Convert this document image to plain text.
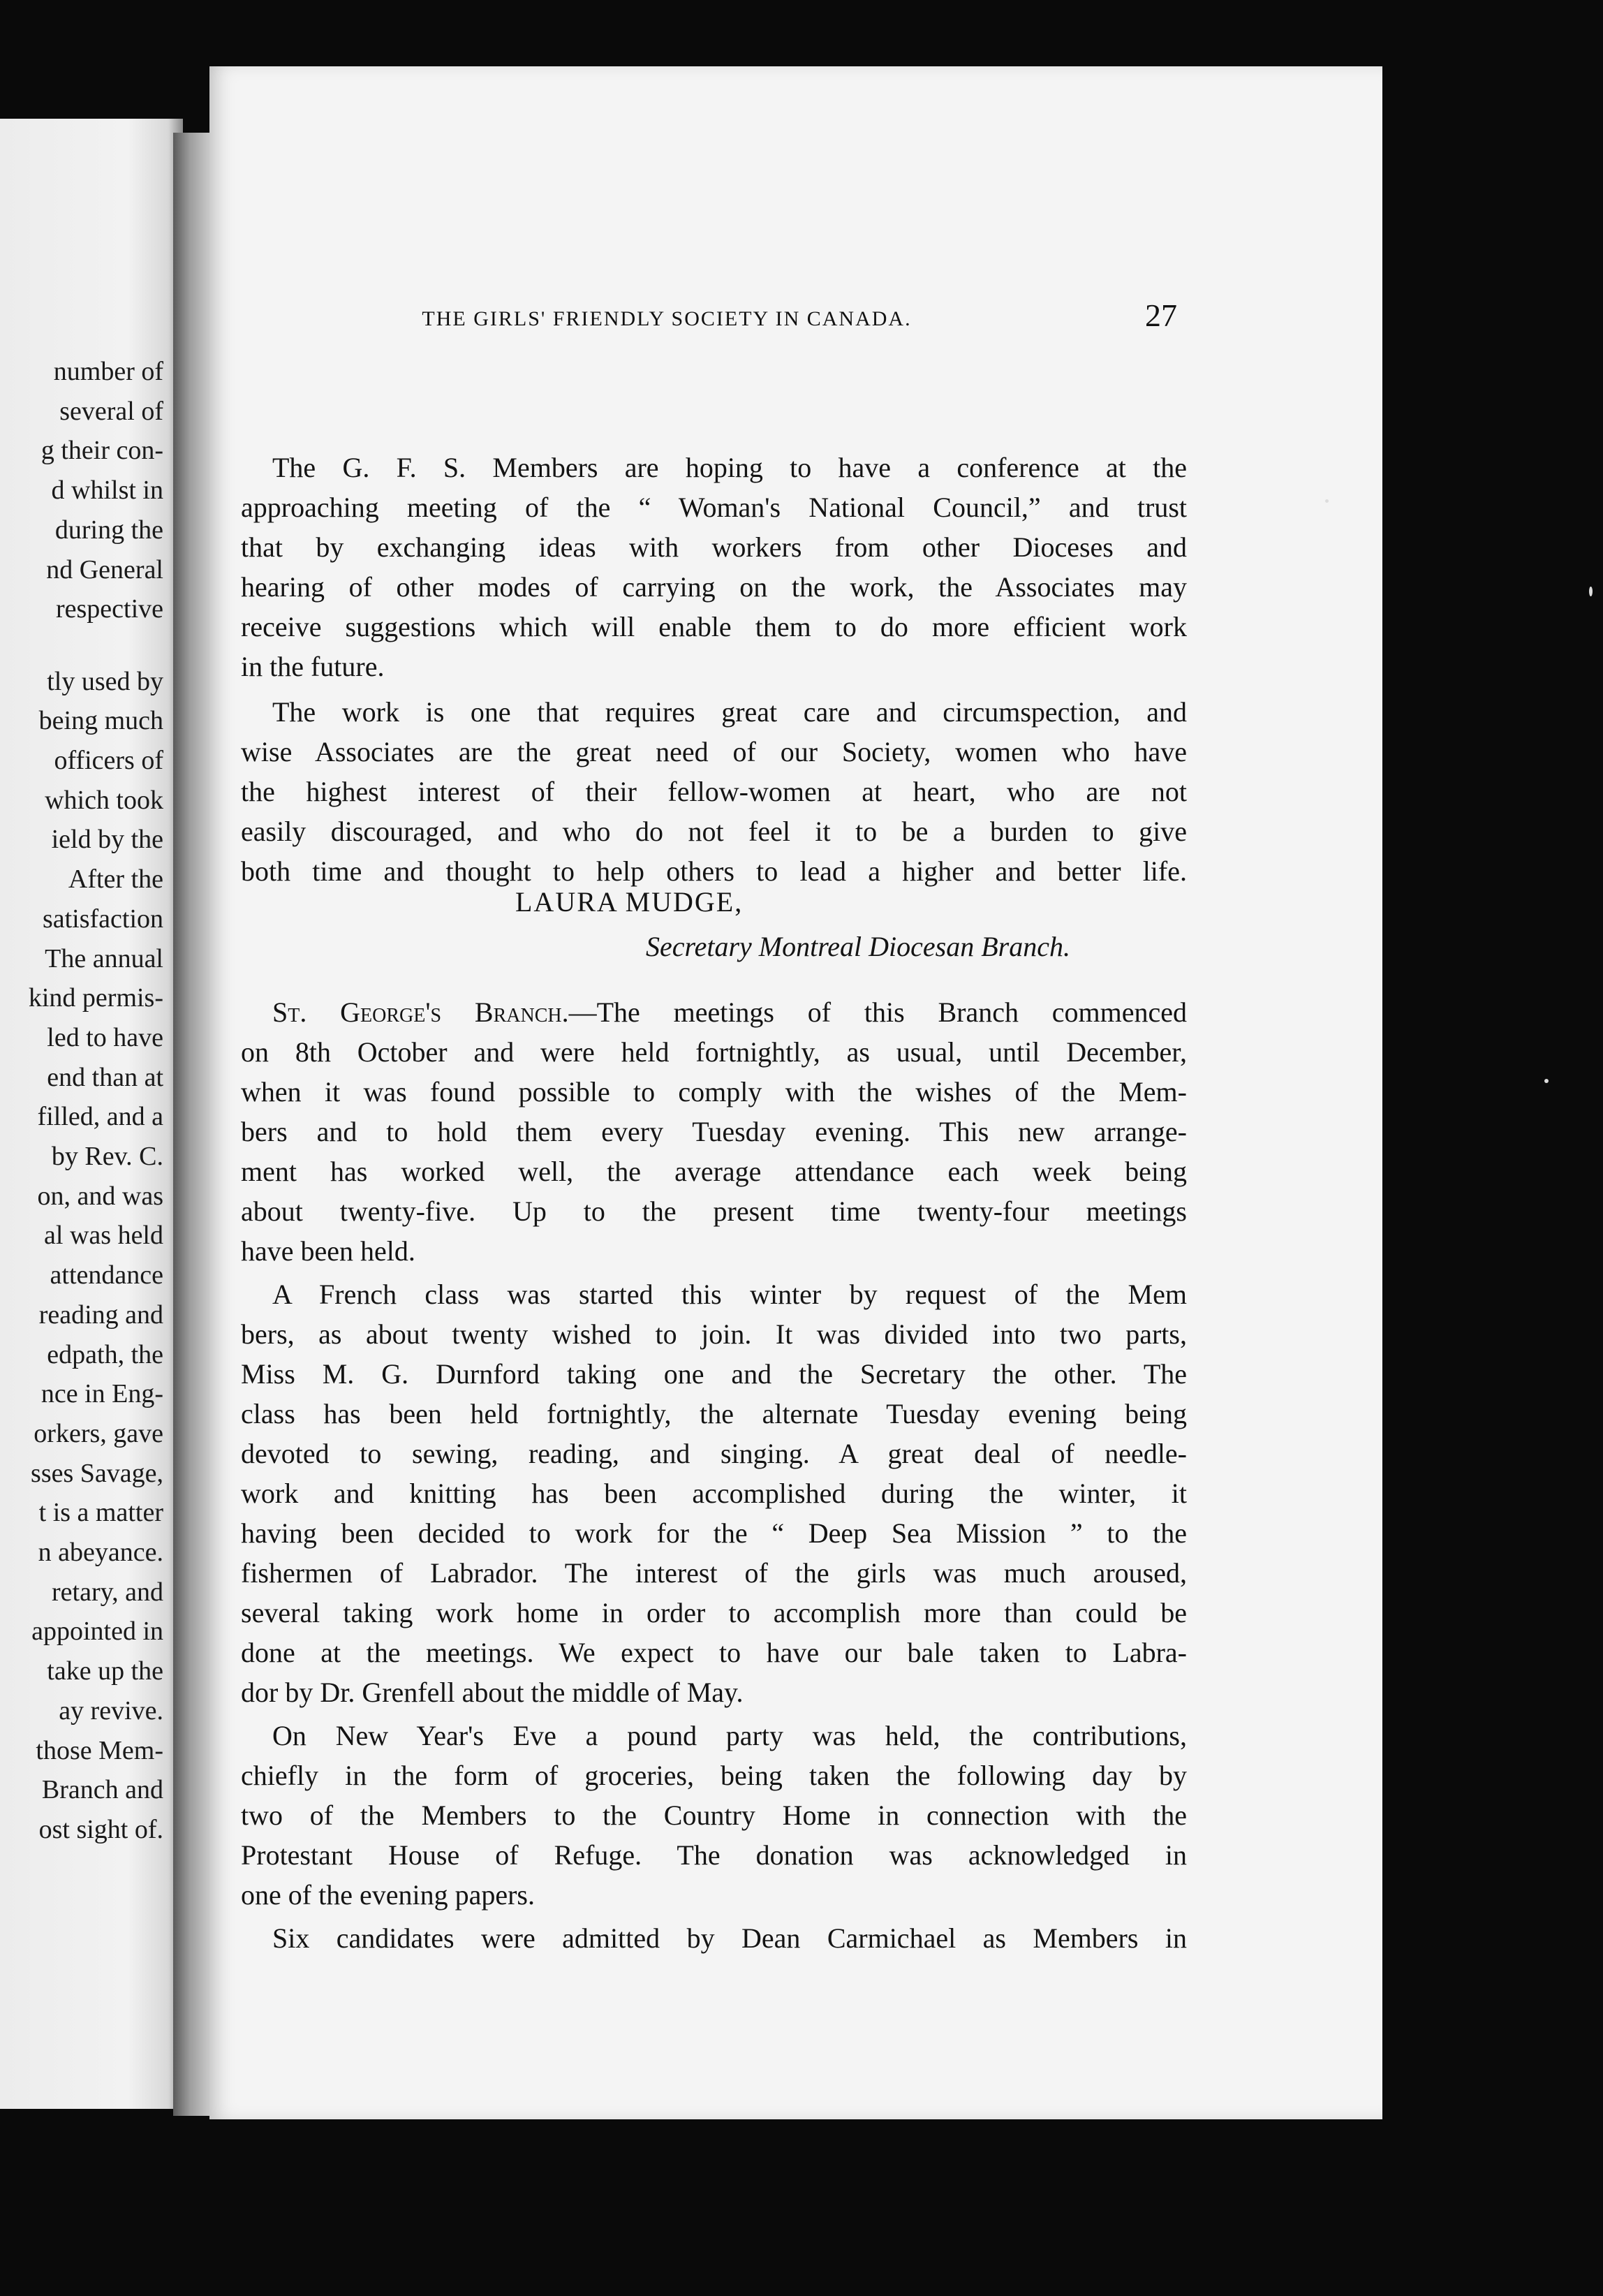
number of
several of
g their con-
d whilst in
during the
nd General
respective
tly used by
being much
officers of
which took
ield by the
After the
satisfaction
The annual
kind permis-
led to have
end than at
filled, and a
by Rev. C.
on, and was
al was held
attendance
reading and
edpath, the
nce in Eng-
orkers, gave
sses Savage,
t is a matter
n abeyance.
retary, and
appointed in
take up the
ay revive.
those Mem-
Branch and
ost sight of.
THE GIRLS' FRIENDLY SOCIETY IN CANADA.	27
The G. F. S. Members are hoping to have a conference at the
approaching meeting of the “ Woman's National Council,” and trust
that by exchanging ideas with workers from other Dioceses and
hearing of other modes of carrying on the work, the Associates may
receive suggestions which will enable them to do more efficient work
in the future.
The work is one that requires great care and circumspection, and
wise Associates are the great need of our Society, women who have
the highest interest of their fellow-women at heart, who are not
easily discouraged, and who do not feel it to be a burden to give
both time and thought to help others to lead a higher and better life.
LAURA MUDGE,
Secretary Montreal Diocesan Branch.
St. George's Branch.—The meetings of this Branch commenced
on 8th October and were held fortnightly, as usual, until December,
when it was found possible to comply with the wishes of the Mem-
bers and to hold them every Tuesday evening. This new arrange-
ment has worked well, the average attendance each week being
about twenty-five. Up to the present time twenty-four meetings
have been held.
A French class was started this winter by request of the Mem
bers, as about twenty wished to join. It was divided into two parts,
Miss M. G. Durnford taking one and the Secretary the other. The
class has been held fortnightly, the alternate Tuesday evening being
devoted to sewing, reading, and singing. A great deal of needle-
work and knitting has been accomplished during the winter, it
having been decided to work for the “ Deep Sea Mission ” to the
fishermen of Labrador. The interest of the girls was much aroused,
several taking work home in order to accomplish more than could be
done at the meetings. We expect to have our bale taken to Labra-
dor by Dr. Grenfell about the middle of May.
On New Year's Eve a pound party was held, the contributions,
chiefly in the form of groceries, being taken the following day by
two of the Members to the Country Home in connection with the
Protestant House of Refuge. The donation was acknowledged in
one of the evening papers.
Six candidates were admitted by Dean Carmichael as Members in
